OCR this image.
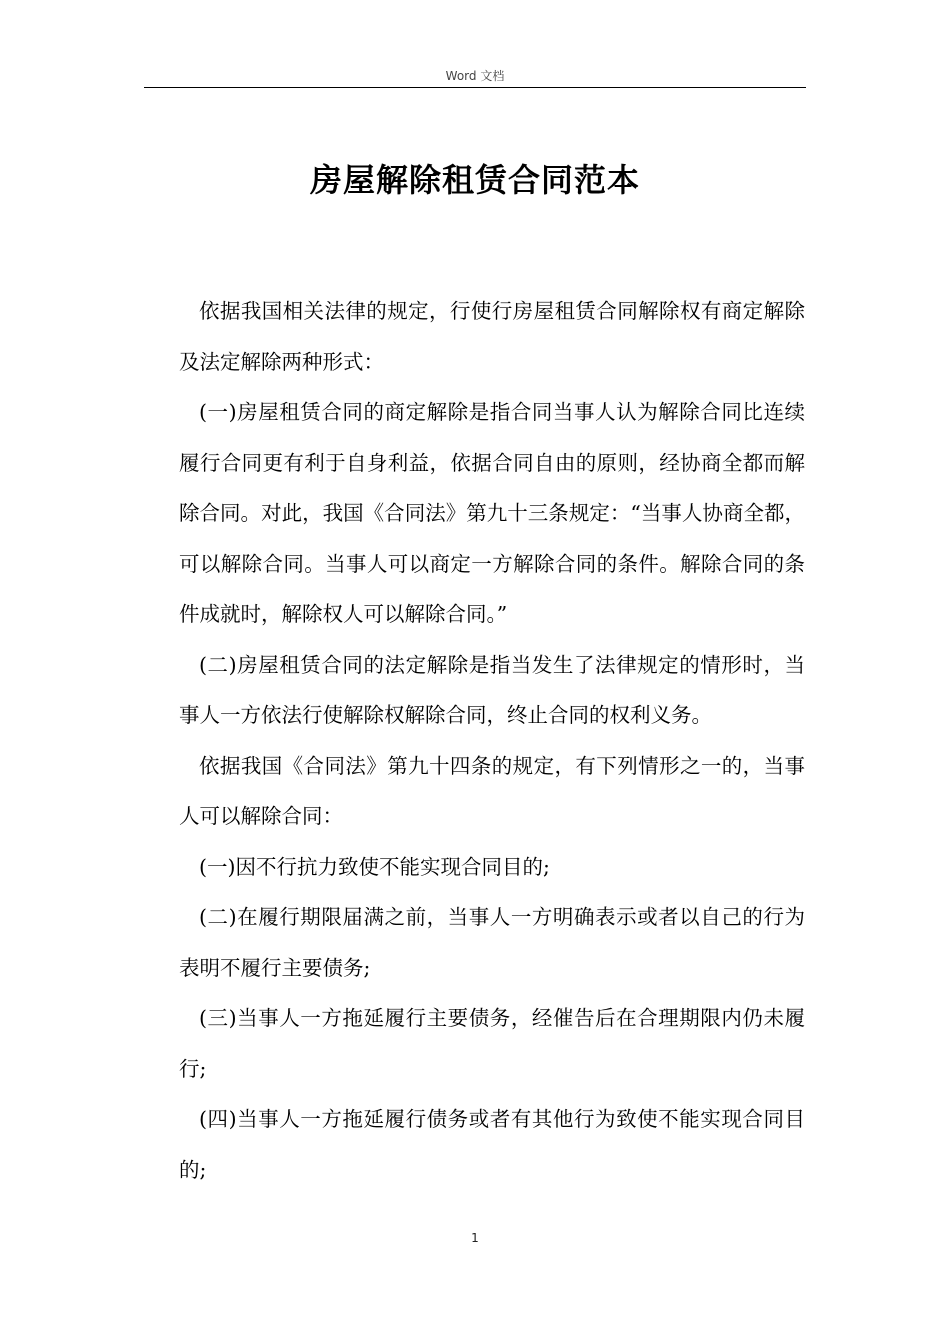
Word 文档
房屋解除租赁合同范本

依据我国相关法律的规定，行使行房屋租赁合同解除权有商定解除及法定解除两种形式：

(一)房屋租赁合同的商定解除是指合同当事人认为解除合同比连续履行合同更有利于自身利益，依据合同自由的原则，经协商全都而解除合同。对此，我国《合同法》第九十三条规定：“当事人协商全都，可以解除合同。当事人可以商定一方解除合同的条件。解除合同的条件成就时，解除权人可以解除合同。”

(二)房屋租赁合同的法定解除是指当发生了法律规定的情形时，当事人一方依法行使解除权解除合同，终止合同的权利义务。

依据我国《合同法》第九十四条的规定，有下列情形之一的，当事人可以解除合同：

(一)因不行抗力致使不能实现合同目的;

(二)在履行期限届满之前，当事人一方明确表示或者以自己的行为表明不履行主要债务;

(三)当事人一方拖延履行主要债务，经催告后在合理期限内仍未履行;

(四)当事人一方拖延履行债务或者有其他行为致使不能实现合同目的;

1
